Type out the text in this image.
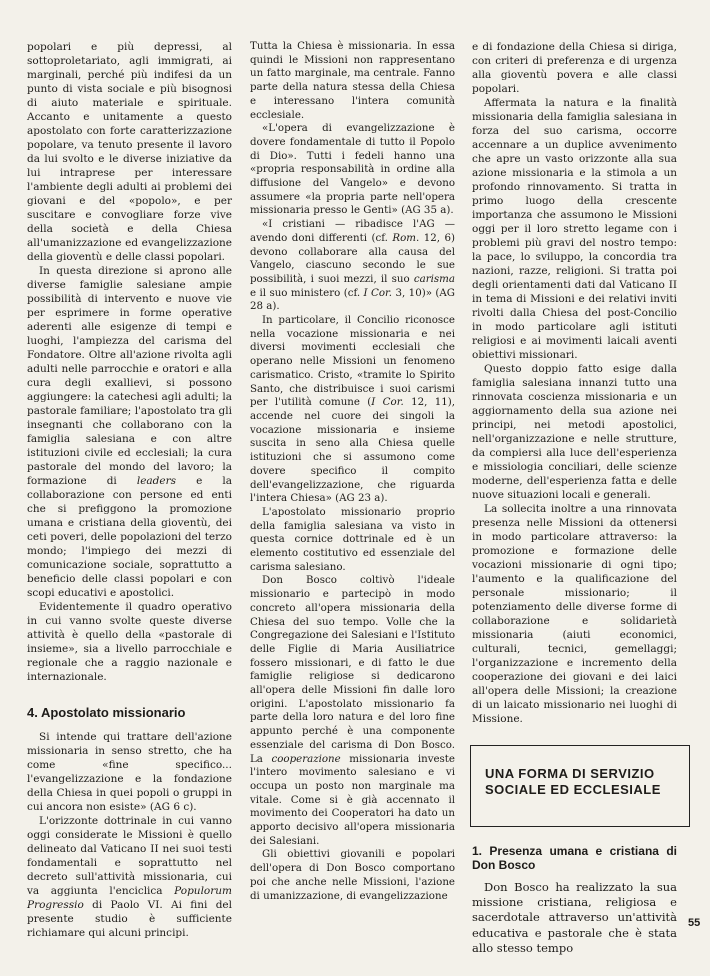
popolari e più depressi, al sottoproletariato, agli immigrati, ai marginali, perché più indifesi da un punto di vista sociale e più bisognosi di aiuto materiale e spirituale. Accanto e unitamente a questo apostolato con forte caratterizzazione popolare, va tenuto presente il lavoro da lui svolto e le diverse iniziative da lui intraprese per interessare l'ambiente degli adulti ai problemi dei giovani e del «popolo», e per suscitare e convogliare forze vive della società e della Chiesa all'umanizzazione ed evangelizzazione della gioventù e delle classi popolari.

In questa direzione si aprono alle diverse famiglie salesiane ampie possibilità di intervento e nuove vie per esprimere in forme operative aderenti alle esigenze di tempi e luoghi, l'ampiezza del carisma del Fondatore. Oltre all'azione rivolta agli adulti nelle parrocchie e oratori e alla cura degli exallievi, si possono aggiungere: la catechesi agli adulti; la pastorale familiare; l'apostolato tra gli insegnanti che collaborano con la famiglia salesiana e con altre istituzioni civile ed ecclesiali; la cura pastorale del mondo del lavoro; la formazione di leaders e la collaborazione con persone ed enti che si prefiggono la promozione umana e cristiana della gioventù, dei ceti poveri, delle popolazioni del terzo mondo; l'impiego dei mezzi di comunicazione sociale, soprattutto a beneficio delle classi popolari e con scopi educativi e apostolici.

Evidentemente il quadro operativo in cui vanno svolte queste diverse attività è quello della «pastorale di insieme», sia a livello parrocchiale e regionale che a raggio nazionale e internazionale.

4. Apostolato missionario

Si intende qui trattare dell'azione missionaria in senso stretto, che ha come «fine specifico... l'evangelizzazione e la fondazione della Chiesa in quei popoli o gruppi in cui ancora non esiste» (AG 6 c).

L'orizzonte dottrinale in cui vanno oggi considerate le Missioni è quello delineato dal Vaticano II nei suoi testi fondamentali e soprattutto nel decreto sull'attività missionaria, cui va aggiunta l'enciclica Populorum Progressio di Paolo VI. Ai fini del presente studio è sufficiente richiamare qui alcuni principi.

Tutta la Chiesa è missionaria. In essa quindi le Missioni non rappresentano un fatto marginale, ma centrale. Fanno parte della natura stessa della Chiesa e interessano l'intera comunità ecclesiale.

«L'opera di evangelizzazione è dovere fondamentale di tutto il Popolo di Dio». Tutti i fedeli hanno una «propria responsabilità in ordine alla diffusione del Vangelo» e devono assumere «la propria parte nell'opera missionaria presso le Genti» (AG 35 a).

«I cristiani — ribadisce l'AG — avendo doni differenti (cf. Rom. 12, 6) devono collaborare alla causa del Vangelo, ciascuno secondo le sue possibilità, i suoi mezzi, il suo carisma e il suo ministero (cf. I Cor. 3, 10)» (AG 28 a).

In particolare, il Concilio riconosce nella vocazione missionaria e nei diversi movimenti ecclesiali che operano nelle Missioni un fenomeno carismatico. Cristo, «tramite lo Spirito Santo, che distribuisce i suoi carismi per l'utilità comune (I Cor. 12, 11), accende nel cuore dei singoli la vocazione missionaria e insieme suscita in seno alla Chiesa quelle istituzioni che si assumono come dovere specifico il compito dell'evangelizzazione, che riguarda l'intera Chiesa» (AG 23 a).

L'apostolato missionario proprio della famiglia salesiana va visto in questa cornice dottrinale ed è un elemento costitutivo ed essenziale del carisma salesiano.

Don Bosco coltivò l'ideale missionario e partecipò in modo concreto all'opera missionaria della Chiesa del suo tempo. Volle che la Congregazione dei Salesiani e l'Istituto delle Figlie di Maria Ausiliatrice fossero missionari, e di fatto le due famiglie religiose si dedicarono all'opera delle Missioni fin dalle loro origini. L'apostolato missionario fa parte della loro natura e del loro fine appunto perché è una componente essenziale del carisma di Don Bosco. La cooperazione missionaria investe l'intero movimento salesiano e vi occupa un posto non marginale ma vitale. Come si è già accennato il movimento dei Cooperatori ha dato un apporto decisivo all'opera missionaria dei Salesiani.

Gli obiettivi giovanili e popolari dell'opera di Don Bosco comportano poi che anche nelle Missioni, l'azione di umanizzazione, di evangelizzazione

e di fondazione della Chiesa si diriga, con criteri di preferenza e di urgenza alla gioventù povera e alle classi popolari.

Affermata la natura e la finalità missionaria della famiglia salesiana in forza del suo carisma, occorre accennare a un duplice avvenimento che apre un vasto orizzonte alla sua azione missionaria e la stimola a un profondo rinnovamento. Si tratta in primo luogo della crescente importanza che assumono le Missioni oggi per il loro stretto legame con i problemi più gravi del nostro tempo: la pace, lo sviluppo, la concordia tra nazioni, razze, religioni. Si tratta poi degli orientamenti dati dal Vaticano II in tema di Missioni e dei relativi inviti rivolti dalla Chiesa del post-Concilio in modo particolare agli istituti religiosi e ai movimenti laicali aventi obiettivi missionari.

Questo doppio fatto esige dalla famiglia salesiana innanzi tutto una rinnovata coscienza missionaria e un aggiornamento della sua azione nei principi, nei metodi apostolici, nell'organizzazione e nelle strutture, da compiersi alla luce dell'esperienza e missiologia conciliari, delle scienze moderne, dell'esperienza fatta e delle nuove situazioni locali e generali.

La sollecita inoltre a una rinnovata presenza nelle Missioni da ottenersi in modo particolare attraverso: la promozione e formazione delle vocazioni missionarie di ogni tipo; l'aumento e la qualificazione del personale missionario; il potenziamento delle diverse forme di collaborazione e solidarietà missionaria (aiuti economici, culturali, tecnici, gemellaggi; l'organizzazione e incremento della cooperazione dei giovani e dei laici all'opera delle Missioni; la creazione di un laicato missionario nei luoghi di Missione.

UNA FORMA DI SERVIZIO SOCIALE ED ECCLESIALE
1. Presenza umana e cristiana di Don Bosco

Don Bosco ha realizzato la sua missione cristiana, religiosa e sacerdotale attraverso un'attività educativa e pastorale che è stata allo stesso tempo

55
